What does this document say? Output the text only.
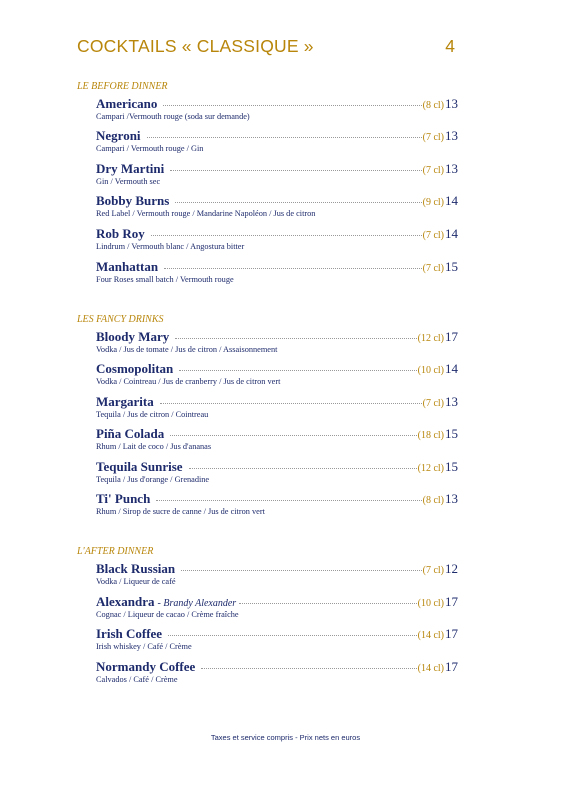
COCKTAILS « CLASSIQUE »	4
LE BEFORE DINNER
Americano	(8 cl) 13
Campari /Vermouth rouge (soda sur demande)
Negroni	(7 cl) 13
Campari / Vermouth rouge / Gin
Dry Martini	(7 cl) 13
Gin / Vermouth sec
Bobby Burns	(9 cl) 14
Red Label / Vermouth rouge / Mandarine Napoléon / Jus de citron
Rob Roy	(7 cl) 14
Lindrum / Vermouth blanc / Angostura bitter
Manhattan	(7 cl) 15
Four Roses small batch / Vermouth rouge
LES FANCY DRINKS
Bloody Mary	(12 cl) 17
Vodka / Jus de tomate / Jus de citron / Assaisonnement
Cosmopolitan	(10 cl) 14
Vodka / Cointreau / Jus de cranberry / Jus de citron vert
Margarita	(7 cl) 13
Tequila / Jus de citron / Cointreau
Piña Colada	(18 cl) 15
Rhum / Lait de coco / Jus d'ananas
Tequila Sunrise	(12 cl) 15
Tequila / Jus d'orange / Grenadine
Ti' Punch	(8 cl) 13
Rhum / Sirop de sucre de canne / Jus de citron vert
L'AFTER DINNER
Black Russian	(7 cl) 12
Vodka / Liqueur de café
Alexandra - Brandy Alexander	(10 cl) 17
Cognac / Liqueur de cacao / Crème fraîche
Irish Coffee	(14 cl) 17
Irish whiskey / Café / Crème
Normandy Coffee	(14 cl) 17
Calvados / Café / Crème
Taxes et service compris - Prix nets en euros
